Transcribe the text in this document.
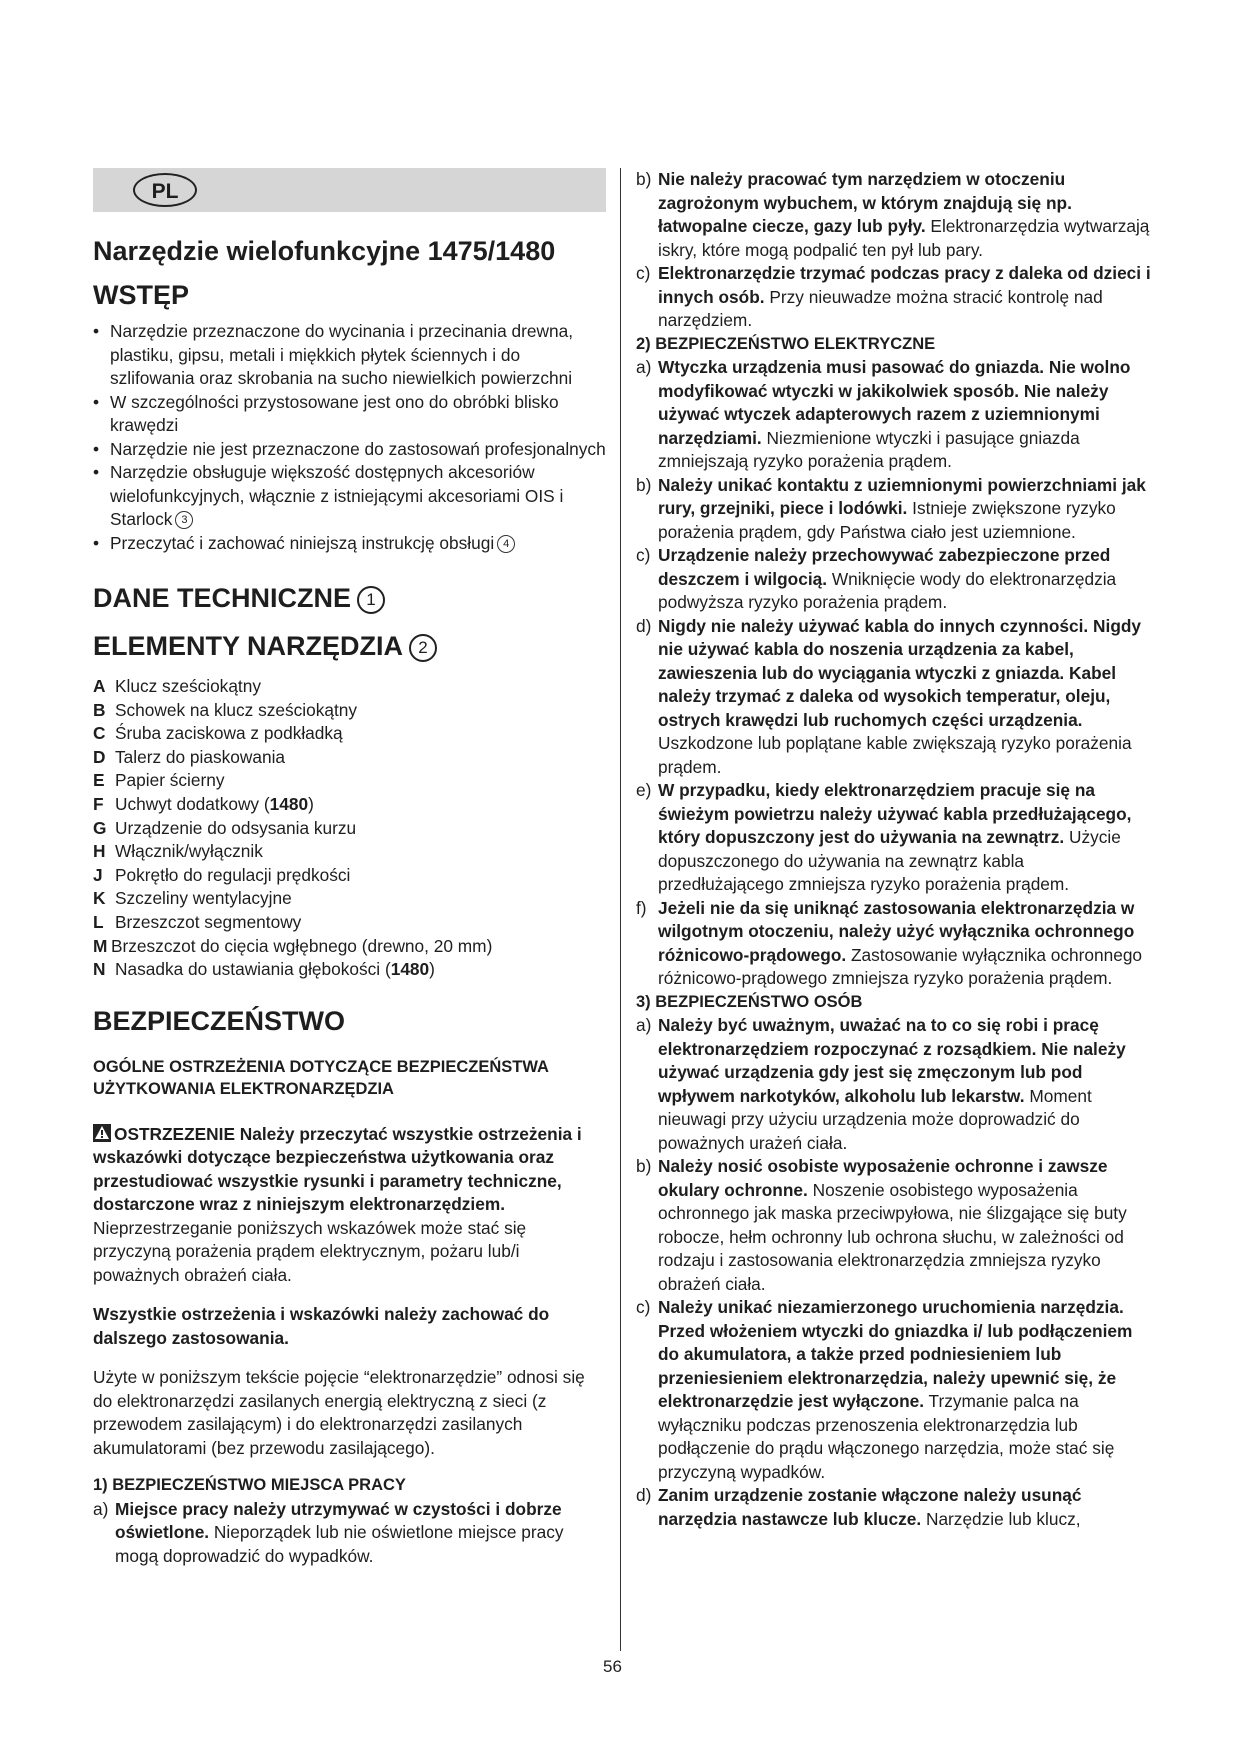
PL
Narzędzie wielofunkcyjne 1475/1480
WSTĘP
• Narzędzie przeznaczone do wycinania i przecinania drewna, plastiku, gipsu, metali i miękkich płytek ściennych i do szlifowania oraz skrobania na sucho niewielkich powierzchni
• W szczególności przystosowane jest ono do obróbki blisko krawędzi
• Narzędzie nie jest przeznaczone do zastosowań profesjonalnych
• Narzędzie obsługuje większość dostępnych akcesoriów wielofunkcyjnych, włącznie z istniejącymi akcesoriami OIS i Starlock 3
• Przeczytać i zachować niniejszą instrukcję obsługi 4
DANE TECHNICZNE 1
ELEMENTY NARZĘDZIA 2
A Klucz sześciokątny
B Schowek na klucz sześciokątny
C Śruba zaciskowa z podkładką
D Talerz do piaskowania
E Papier ścierny
F Uchwyt dodatkowy (1480)
G Urządzenie do odsysania kurzu
H Włącznik/wyłącznik
J Pokrętło do regulacji prędkości
K Szczeliny wentylacyjne
L Brzeszczot segmentowy
M Brzeszczot do cięcia wgłębnego (drewno, 20 mm)
N Nasadka do ustawiania głębokości (1480)
BEZPIECZEŃSTWO

OGÓLNE OSTRZEŻENIA DOTYCZĄCE BEZPIECZEŃSTWA UŻYTKOWANIA ELEKTRONARZĘDZIA

OSTRZEZENIE Należy przeczytać wszystkie ostrzeżenia i wskazówki dotyczące bezpieczeństwa użytkowania oraz przestudiować wszystkie rysunki i parametry techniczne, dostarczone wraz z niniejszym elektronarzędziem. Nieprzestrzeganie poniższych wskazówek może stać się przyczyną porażenia prądem elektrycznym, pożaru lub/i poważnych obrażeń ciała.

Wszystkie ostrzeżenia i wskazówki należy zachować do dalszego zastosowania.

Użyte w poniższym tekście pojęcie “elektronarzędzie” odnosi się do elektronarzędzi zasilanych energią elektryczną z sieci (z przewodem zasilającym) i do elektronarzędzi zasilanych akumulatorami (bez przewodu zasilającego).

1) BEZPIECZEŃSTWO MIEJSCA PRACY
a) Miejsce pracy należy utrzymywać w czystości i dobrze oświetlone. Nieporządek lub nie oświetlone miejsce pracy mogą doprowadzić do wypadków.
b) Nie należy pracować tym narzędziem w otoczeniu zagrożonym wybuchem, w którym znajdują się np. łatwopalne ciecze, gazy lub pyły. Elektronarzędzia wytwarzają iskry, które mogą podpalić ten pył lub pary.
c) Elektronarzędzie trzymać podczas pracy z daleka od dzieci i innych osób. Przy nieuwadze można stracić kontrolę nad narzędziem.
2) BEZPIECZEŃSTWO ELEKTRYCZNE
a) Wtyczka urządzenia musi pasować do gniazda. Nie wolno modyfikować wtyczki w jakikolwiek sposób. Nie należy używać wtyczek adapterowych razem z uziemnionymi narzędziami. Niezmienione wtyczki i pasujące gniazda zmniejszają ryzyko porażenia prądem.
b) Należy unikać kontaktu z uziemnionymi powierzchniami jak rury, grzejniki, piece i lodówki. Istnieje zwiększone ryzyko porażenia prądem, gdy Państwa ciało jest uziemnione.
c) Urządzenie należy przechowywać zabezpieczone przed deszczem i wilgocią. Wniknięcie wody do elektronarzędzia podwyższa ryzyko porażenia prądem.
d) Nigdy nie należy używać kabla do innych czynności. Nigdy nie używać kabla do noszenia urządzenia za kabel, zawieszenia lub do wyciągania wtyczki z gniazda. Kabel należy trzymać z daleka od wysokich temperatur, oleju, ostrych krawędzi lub ruchomych części urządzenia. Uszkodzone lub poplątane kable zwiększają ryzyko porażenia prądem.
e) W przypadku, kiedy elektronarzędziem pracuje się na świeżym powietrzu należy używać kabla przedłużającego, który dopuszczony jest do używania na zewnątrz. Użycie dopuszczonego do używania na zewnątrz kabla przedłużającego zmniejsza ryzyko porażenia prądem.
f) Jeżeli nie da się uniknąć zastosowania elektronarzędzia w wilgotnym otoczeniu, należy użyć wyłącznika ochronnego różnicowo-prądowego. Zastosowanie wyłącznika ochronnego różnicowo-prądowego zmniejsza ryzyko porażenia prądem.
3) BEZPIECZEŃSTWO OSÓB
a) Należy być uważnym, uważać na to co się robi i pracę elektronarzędziem rozpoczynać z rozsądkiem. Nie należy używać urządzenia gdy jest się zmęczonym lub pod wpływem narkotyków, alkoholu lub lekarstw. Moment nieuwagi przy użyciu urządzenia może doprowadzić do poważnych urażeń ciała.
b) Należy nosić osobiste wyposażenie ochronne i zawsze okulary ochronne. Noszenie osobistego wyposażenia ochronnego jak maska przeciwpyłowa, nie ślizgające się buty robocze, hełm ochronny lub ochrona słuchu, w zależności od rodzaju i zastosowania elektronarzędzia zmniejsza ryzyko obrażeń ciała.
c) Należy unikać niezamierzonego uruchomienia narzędzia. Przed włożeniem wtyczki do gniazdka i/ lub podłączeniem do akumulatora, a także przed podniesieniem lub przeniesieniem elektronarzędzia, należy upewnić się, że elektronarzędzie jest wyłączone. Trzymanie palca na wyłączniku podczas przenoszenia elektronarzędzia lub podłączenie do prądu włączonego narzędzia, może stać się przyczyną wypadków.
d) Zanim urządzenie zostanie włączone należy usunąć narzędzia nastawcze lub klucze. Narzędzie lub klucz,
56
